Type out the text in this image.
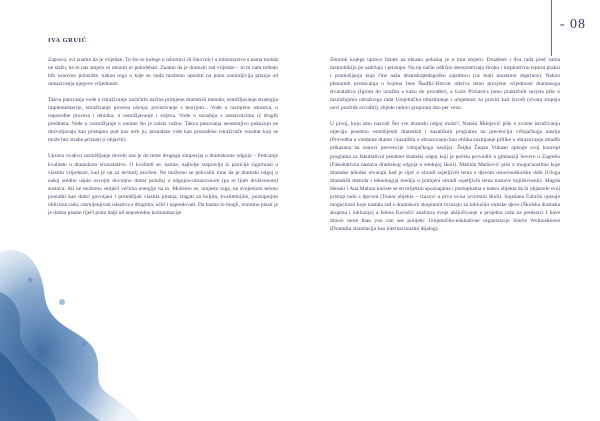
- 08
IVA GRUIĆ

Zapravo, svi znamo da je vrijedan. To što se kolege u izbornici ili činovnici u ministarstvu s nama mošda ne slažu, ne bi nas smjelo ni obuniti ni pokolebati. Znamo da je dramski rad vrijedan – to bi nam trebalo biti osnovno polazište, nakon toga u koje se onda možemo upustiti na puno zanimljivija pitanja od dokazivanja njegove vrijednosti.

Takva putovanja vode u istraživanje različitih načina primjene dramskih metoda, osmišljavanje strategija implementacije, istraživanje procesa učenja, povezivanje s teorijom... Vode u razmjenu iskustva, u usporedbe procesa i tehnika, u osmišljavanje i srijeva. Vode u suradnju s nastavnicima iz drugih predmeta. Vode u razmišljanje o onome što je zaista važno. Takva putovanja nesumnjivo pokazuju ne dozvoljavaju kao postupno pod kao teče ju, pronalaze vide kao pronađene istraživače rezultat koji se može bez straha priznati (i objaviti).

Upravo ovakvo razmišljanje dovelo nas je do teme drugoga simpozija o dramskome odgoju – Poticanje kvalitete u dramskom stvaralaštvu. O kvaliteti se, naime, najbolje raspravlja iz pozicije sigurnosti u vlastitu vrijednost, kad je rat za teritorij završen. Ne možemo se pohvaliti time da je dramski odgoj u našoj sredini uspio osvojiti dovoljno dobar položaj u odgojno-obrazovnom (pa ni ljom društvenom) sustavu. Ali ne možemo stoljeći večima energije na to. Možemo se, umjesto toga, na svojemom terenu ponuditi kao dobri govoljani i promišljati vlastita pitanja, tragati za boljim, kvalitetnijim, postupnijim oblicima rada, razmijenjivati iskustva s drugima, učiti i napredovati. Da bismo to mogli, moramo pisati je je doista pisane riječi puno dalji od neposredne komunikacije.

Zbornik kojega upravo listate na ekranu pokušaj je u tom smjeru. Dvadeset i dva rada pred vama razmotlikiju po sadržaju i pristupu. Na taj način odlično demonstriraju široku i inspirativnu lepezu praksi i promišljanja koja čine našu dramskopedagošku zajednicu (uz mali inozemni doprinos). Nakon plenarnih predavanja u kojima Ines Škuflić-Horvat otkriva temu procjene vrijednosti dramskoga stvaralaštva (Igrom do izražba a kako do proudbe), a Luće Pickard-s puno praktičnih savjeta piše o razmišnjima odražnoga rada Umjetnička obuzimanje i umjetnost za praviti kad izvodi (stvara stupnja novi posčnik izvoditi), slijede radovi grupirani oko per vezu.

U prvoj, koju smo nazvali Što sve dramski odgoj može?, Nataša Milojević piše o svome istraživanju utjecaja posebno osmišljenih dramskih i kazališnih programa na prevenciju vršnjačkoga nasilja (Provedba u vrednote drame i kazališta u obrazovanju kao oblika suzbijanje prilike u obrazovanju mladih prikazana na osnovi prevencije vršnjačkoga nasilja). Željka Župan Vukaan opisuje svoj koncept programa za fakultativni predmet dramski odgoj koji je počela provoditi u gimnaziji Severo u Zagrebu (Fakultativna nastava dramskog odgoja u srednjoj školi). Matilda Marković piše o mogućnostima koje dramske tehnike otvaraju kad je riječ o obradi osjetljivih tema s djecom osnovnoškolske dobi (Uloga dramskih metoda i tehnologija medija u primjeni obradi osjetljivih tema nastave književnosti). Magda Henski i Ana Malnar koriste se stvorljekim spoznajama i postupkama o teatru objekta da bi objasnile svoj pristup radu s djecom (Teatar objekta – izazovi u prvu ovisa izvornim školi). Snježana Čubrilo opisuje mogućnosti koje nastala rad s dramskom skupinom rovaraju za inkluziju romske djece (Školska dramska skupina i inkluzija) a Jelena Kovačić analizira svoje uključivanje u projektu radu na predstavi I have drawn more than you can see polijekc Umjetničko-edukativne organizacije Smrče Wolnosklowe (Dramska stanolacija kao internacionalni dijalog).
